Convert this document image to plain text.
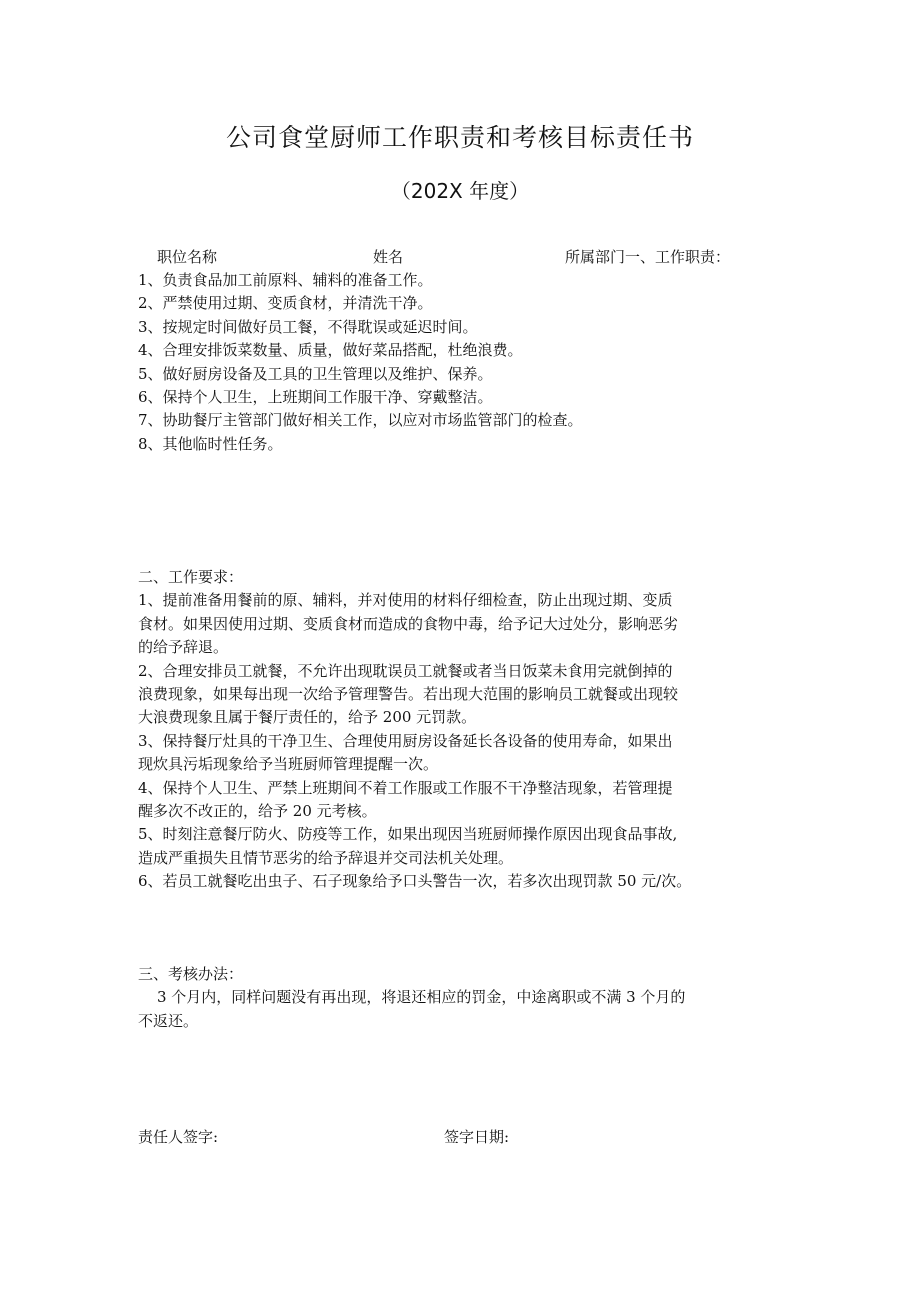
公司食堂厨师工作职责和考核目标责任书
（202X 年度）
职位名称	姓名	所属部门一、工作职责：
1、负责食品加工前原料、辅料的准备工作。
2、严禁使用过期、变质食材，并清洗干净。
3、按规定时间做好员工餐，不得耽误或延迟时间。
4、合理安排饭菜数量、质量，做好菜品搭配，杜绝浪费。
5、做好厨房设备及工具的卫生管理以及维护、保养。
6、保持个人卫生，上班期间工作服干净、穿戴整洁。
7、协助餐厅主管部门做好相关工作，以应对市场监管部门的检查。
8、其他临时性任务。
二、工作要求：
1、提前准备用餐前的原、辅料，并对使用的材料仔细检查，防止出现过期、变质
食材。如果因使用过期、变质食材而造成的食物中毒，给予记大过处分，影响恶劣
的给予辞退。
2、合理安排员工就餐，不允许出现耽误员工就餐或者当日饭菜未食用完就倒掉的
浪费现象，如果每出现一次给予管理警告。若出现大范围的影响员工就餐或出现较
大浪费现象且属于餐厅责任的，给予 200 元罚款。
3、保持餐厅灶具的干净卫生、合理使用厨房设备延长各设备的使用寿命，如果出
现炊具污垢现象给予当班厨师管理提醒一次。
4、保持个人卫生、严禁上班期间不着工作服或工作服不干净整洁现象，若管理提
醒多次不改正的，给予 20 元考核。
5、时刻注意餐厅防火、防疫等工作，如果出现因当班厨师操作原因出现食品事故,
造成严重损失且情节恶劣的给予辞退并交司法机关处理。
6、若员工就餐吃出虫子、石子现象给予口头警告一次，若多次出现罚款 50 元/次。
三、考核办法：
3 个月内，同样问题没有再出现，将退还相应的罚金，中途离职或不满 3 个月的
不返还。
责任人签字:	签字日期:
